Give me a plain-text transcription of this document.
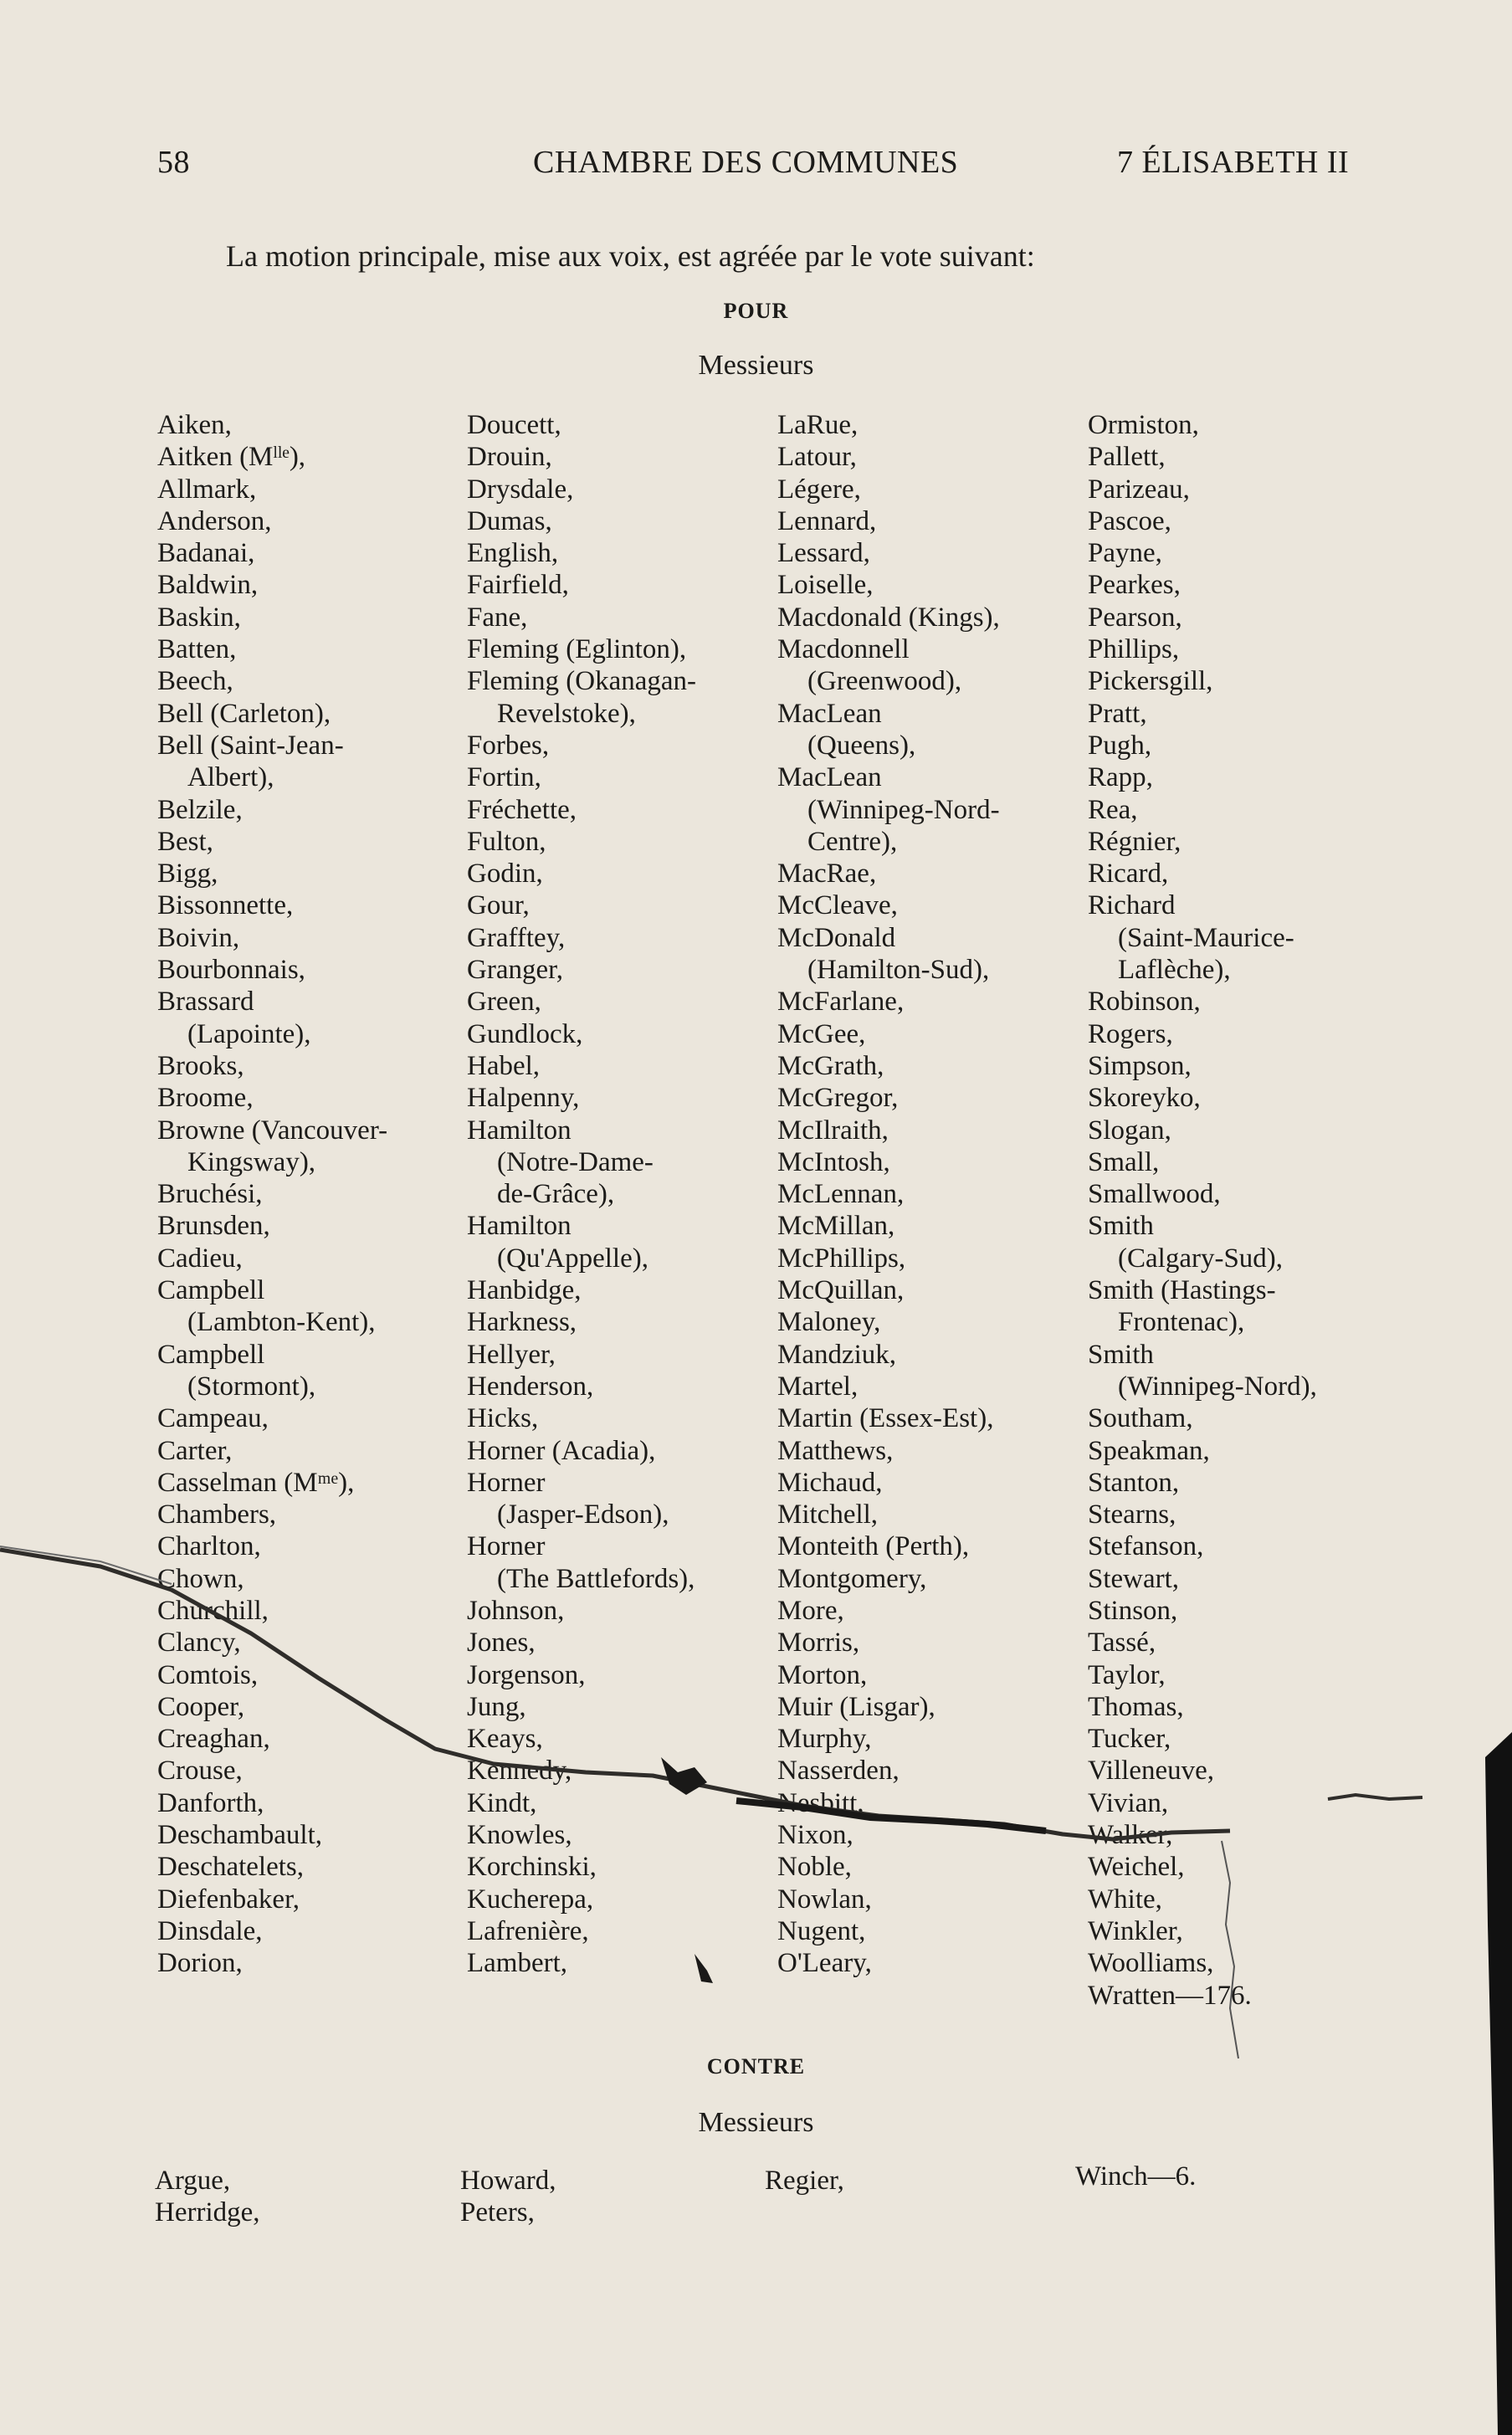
58	CHAMBRE DES COMMUNES	7 ÉLISABETH II
La motion principale, mise aux voix, est agréée par le vote suivant:
POUR
Messieurs
Aiken,
Aitken (Mˡˡᵉ),
Allmark,
Anderson,
Badanai,
Baldwin,
Baskin,
Batten,
Beech,
Bell (Carleton),
Bell (Saint-Jean-
Albert),
Belzile,
Best,
Bigg,
Bissonnette,
Boivin,
Bourbonnais,
Brassard
(Lapointe),
Brooks,
Broome,
Browne (Vancouver-
Kingsway),
Bruchési,
Brunsden,
Cadieu,
Campbell
(Lambton-Kent),
Campbell
(Stormont),
Campeau,
Carter,
Casselman (Mᵐᵉ),
Chambers,
Charlton,
Chown,
Churchill,
Clancy,
Comtois,
Cooper,
Creaghan,
Crouse,
Danforth,
Deschambault,
Deschatelets,
Diefenbaker,
Dinsdale,
Dorion,
Doucett,
Drouin,
Drysdale,
Dumas,
English,
Fairfield,
Fane,
Fleming (Eglinton),
Fleming (Okanagan-
Revelstoke),
Forbes,
Fortin,
Fréchette,
Fulton,
Godin,
Gour,
Grafftey,
Granger,
Green,
Gundlock,
Habel,
Halpenny,
Hamilton
(Notre-Dame-
de-Grâce),
Hamilton
(Qu'Appelle),
Hanbidge,
Harkness,
Hellyer,
Henderson,
Hicks,
Horner (Acadia),
Horner
(Jasper-Edson),
Horner
(The Battlefords),
Johnson,
Jones,
Jorgenson,
Jung,
Keays,
Kennedy,
Kindt,
Knowles,
Korchinski,
Kucherepa,
Lafrenière,
Lambert,
LaRue,
Latour,
Légere,
Lennard,
Lessard,
Loiselle,
Macdonald (Kings),
Macdonnell
(Greenwood),
MacLean
(Queens),
MacLean
(Winnipeg-Nord-
Centre),
MacRae,
McCleave,
McDonald
(Hamilton-Sud),
McFarlane,
McGee,
McGrath,
McGregor,
McIlraith,
McIntosh,
McLennan,
McMillan,
McPhillips,
McQuillan,
Maloney,
Mandziuk,
Martel,
Martin (Essex-Est),
Matthews,
Michaud,
Mitchell,
Monteith (Perth),
Montgomery,
More,
Morris,
Morton,
Muir (Lisgar),
Murphy,
Nasserden,
Nesbitt,
Nixon,
Noble,
Nowlan,
Nugent,
O'Leary,
Ormiston,
Pallett,
Parizeau,
Pascoe,
Payne,
Pearkes,
Pearson,
Phillips,
Pickersgill,
Pratt,
Pugh,
Rapp,
Rea,
Régnier,
Ricard,
Richard
(Saint-Maurice-
Laflèche),
Robinson,
Rogers,
Simpson,
Skoreyko,
Slogan,
Small,
Smallwood,
Smith
(Calgary-Sud),
Smith (Hastings-
Frontenac),
Smith
(Winnipeg-Nord),
Southam,
Speakman,
Stanton,
Stearns,
Stefanson,
Stewart,
Stinson,
Tassé,
Taylor,
Thomas,
Tucker,
Villeneuve,
Vivian,
Walker,
Weichel,
White,
Winkler,
Woolliams,
Wratten—176.
CONTRE
Messieurs
Argue,
Herridge,
Howard,
Peters,
Regier,	Winch—6.
